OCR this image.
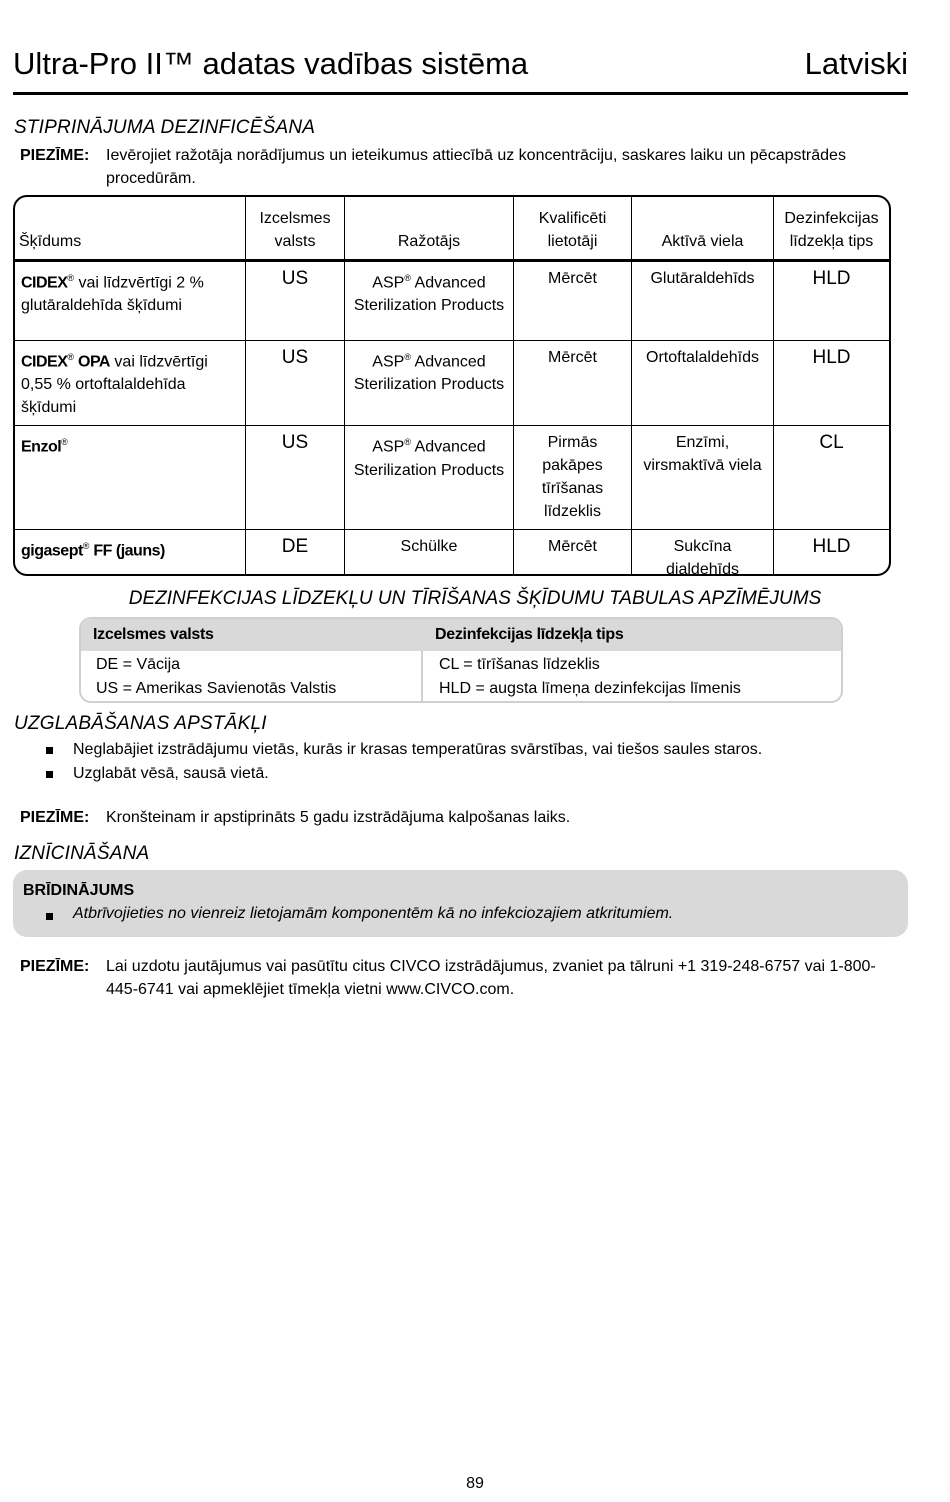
Ultra-Pro II™ adatas vadības sistēma	Latviski
STIPRINĀJUMA DEZINFICĒŠANA
PIEZĪME: Ievērojiet ražotāja norādījumus un ieteikumus attiecībā uz koncentrāciju, saskares laiku un pēcapstrādes procedūrām.
Šķīdums	Izcelsmes valsts	Ražotājs	Kvalificēti lietotāji	Aktīvā viela	Dezinfekcijas līdzekļa tips
CIDEX® vai līdzvērtīgi 2 % glutāraldehīda šķīdumi	US	ASP® Advanced Sterilization Products	Mērcēt	Glutāraldehīds	HLD
CIDEX® OPA vai līdzvērtīgi 0,55 % ortoftalaldehīda šķīdumi	US	ASP® Advanced Sterilization Products	Mērcēt	Ortoftalaldehīds	HLD
Enzol®	US	ASP® Advanced Sterilization Products	Pirmās pakāpes tīrīšanas līdzeklis	Enzīmi, virsmaktīvā viela	CL
gigasept® FF (jauns)	DE	Schülke	Mērcēt	Sukcīna dialdehīds	HLD
DEZINFEKCIJAS LĪDZEKĻU UN TĪRĪŠANAS ŠĶĪDUMU TABULAS APZĪMĒJUMS
Izcelsmes valsts	Dezinfekcijas līdzekļa tips
DE = Vācija
US = Amerikas Savienotās Valstis
CL = tīrīšanas līdzeklis
HLD = augsta līmeņa dezinfekcijas līmenis
UZGLABĀŠANAS APSTĀKĻI
Neglabājiet izstrādājumu vietās, kurās ir krasas temperatūras svārstības, vai tiešos saules staros.
Uzglabāt vēsā, sausā vietā.
PIEZĪME: Kronšteinam ir apstiprināts 5 gadu izstrādājuma kalpošanas laiks.
IZNĪCINĀŠANA
BRĪDINĀJUMS
Atbrīvojieties no vienreiz lietojamām komponentēm kā no infekciozajiem atkritumiem.
PIEZĪME: Lai uzdotu jautājumus vai pasūtītu citus CIVCO izstrādājumus, zvaniet pa tālruni +1 319-248-6757 vai 1-800-445-6741 vai apmeklējiet tīmekļa vietni www.CIVCO.com.
89
